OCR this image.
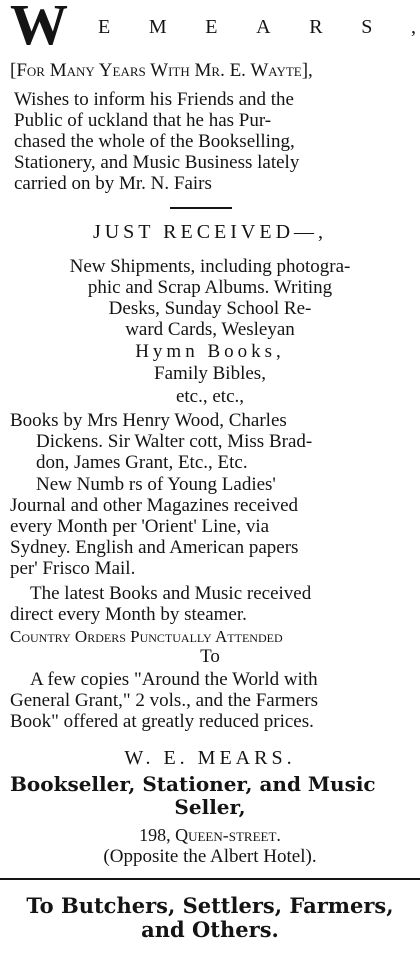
W E M E A R S ,
[For Many Years With Mr. E. Wayte],
Wishes to inform his Friends and the
Public of uckland that he has Pur-
chased the whole of the Bookselling,
Stationery, and Music Business lately
carried on by Mr. N. Fairs
JUST RECEIVED—,
New Shipments, including photogra-
phic and Scrap Albums. Writing
Desks, Sunday School Re-
ward Cards, Wesleyan
Hymn Books,
Family Bibles,
etc., etc.,
Books by Mrs Henry Wood, Charles
Dickens. Sir Walter cott, Miss Brad-
don, James Grant, Etc., Etc.
New Numb rs of Young Ladies'
Journal and other Magazines received
every Month per 'Orient' Line, via
Sydney. English and American papers
per' Frisco Mail.
The latest Books and Music received
direct every Month by steamer.
Country Orders Punctually Attended
To
A few copies "Around the World with
General Grant," 2 vols., and the Farmers
Book" offered at greatly reduced prices.
W. E. MEARS.
Bookseller, Stationer, and Music
Seller,
198, Queen-street.
(Opposite the Albert Hotel).
To Butchers, Settlers, Farmers,
and Others.
